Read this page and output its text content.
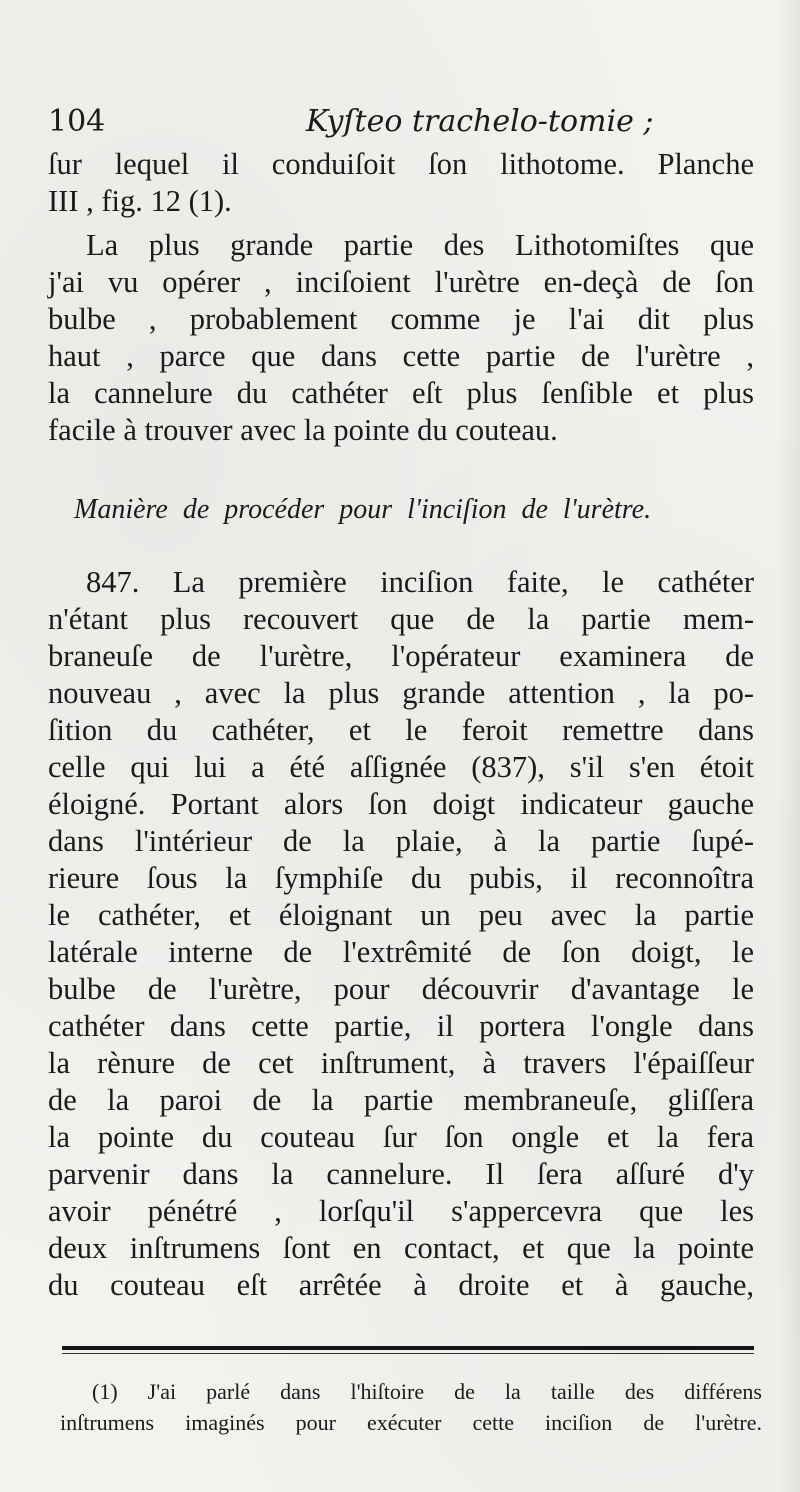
104	Kyſteo trachelo-tomie ;
ſur lequel il conduiſoit ſon lithotome. Planche
III , fig. 12 (1).
La plus grande partie des Lithotomiſtes que
j'ai vu opérer , inciſoient l'urètre en-deçà de ſon
bulbe , probablement comme je l'ai dit plus
haut , parce que dans cette partie de l'urètre ,
la cannelure du cathéter eſt plus ſenſible et plus
facile à trouver avec la pointe du couteau.
Manière de procéder pour l'inciſion de l'urètre.
847. La première inciſion faite, le cathéter
n'étant plus recouvert que de la partie mem-
braneuſe de l'urètre, l'opérateur examinera de
nouveau , avec la plus grande attention , la po-
ſition du cathéter, et le feroit remettre dans
celle qui lui a été aſſignée (837), s'il s'en étoit
éloigné. Portant alors ſon doigt indicateur gauche
dans l'intérieur de la plaie, à la partie ſupé-
rieure ſous la ſymphiſe du pubis, il reconnoîtra
le cathéter, et éloignant un peu avec la partie
latérale interne de l'extrêmité de ſon doigt, le
bulbe de l'urètre, pour découvrir d'avantage le
cathéter dans cette partie, il portera l'ongle dans
la rènure de cet inſtrument, à travers l'épaiſſeur
de la paroi de la partie membraneuſe, gliſſera
la pointe du couteau ſur ſon ongle et la fera
parvenir dans la cannelure. Il ſera aſſuré d'y
avoir pénétré , lorſqu'il s'appercevra que les
deux inſtrumens ſont en contact, et que la pointe
du couteau eſt arrêtée à droite et à gauche,
(1) J'ai parlé dans l'hiſtoire de la taille des différens
inſtrumens imaginés pour exécuter cette inciſion de l'urètre.
